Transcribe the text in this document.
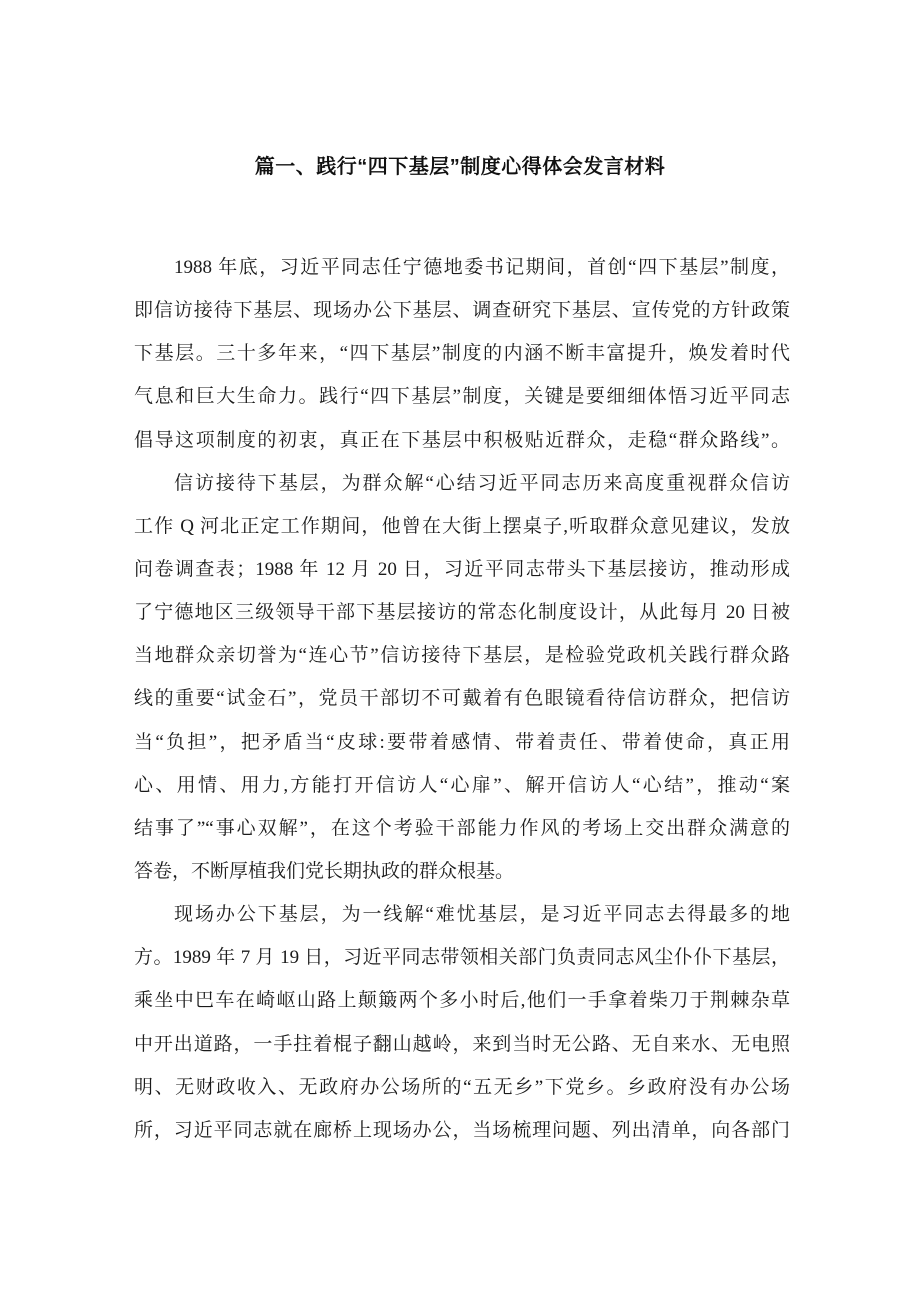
篇一、践行“四下基层”制度心得体会发言材料
1988 年底，习近平同志任宁德地委书记期间，首创“四下基层”制度，
即信访接待下基层、现场办公下基层、调查研究下基层、宣传党的方针政策
下基层。三十多年来，“四下基层”制度的内涵不断丰富提升，焕发着时代
气息和巨大生命力。践行“四下基层”制度，关键是要细细体悟习近平同志
倡导这项制度的初衷，真正在下基层中积极贴近群众，走稳“群众路线”。
信访接待下基层，为群众解“心结习近平同志历来高度重视群众信访
工作 Q 河北正定工作期间，他曾在大街上摆桌子,听取群众意见建议，发放
问卷调查表；1988 年 12 月 20 日，习近平同志带头下基层接访，推动形成
了宁德地区三级领导干部下基层接访的常态化制度设计，从此每月 20 日被
当地群众亲切誉为“连心节”信访接待下基层，是检验党政机关践行群众路
线的重要“试金石”，党员干部切不可戴着有色眼镜看待信访群众，把信访
当“负担”，把矛盾当“皮球:要带着感情、带着责任、带着使命，真正用
心、用情、用力,方能打开信访人“心扉”、解开信访人“心结”，推动“案
结事了”“事心双解”，在这个考验干部能力作风的考场上交出群众满意的
答卷，不断厚植我们党长期执政的群众根基。
现场办公下基层，为一线解“难忧基层，是习近平同志去得最多的地
方。1989 年 7 月 19 日，习近平同志带领相关部门负责同志风尘仆仆下基层，
乘坐中巴车在崎岖山路上颠簸两个多小时后,他们一手拿着柴刀于荆棘杂草
中开出道路，一手拄着棍子翻山越岭，来到当时无公路、无自来水、无电照
明、无财政收入、无政府办公场所的“五无乡”下党乡。乡政府没有办公场
所，习近平同志就在廊桥上现场办公，当场梳理问题、列出清单，向各部门
